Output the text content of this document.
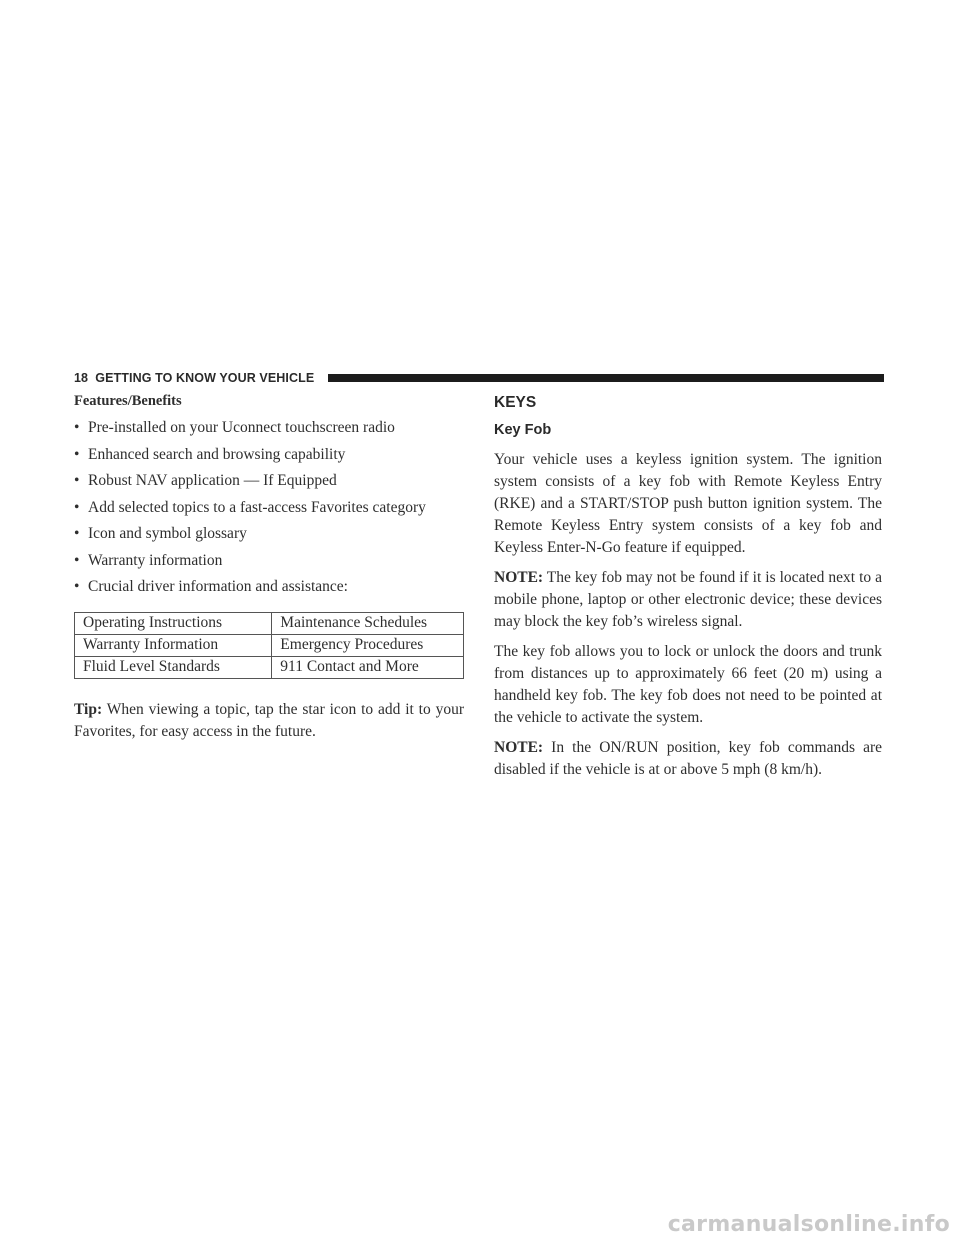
18 GETTING TO KNOW YOUR VEHICLE
Features/Benefits
• Pre-installed on your Uconnect touchscreen radio
• Enhanced search and browsing capability
• Robust NAV application — If Equipped
• Add selected topics to a fast-access Favorites category
• Icon and symbol glossary
• Warranty information
• Crucial driver information and assistance:
Operating Instructions	Maintenance Schedules
Warranty Information	Emergency Procedures
Fluid Level Standards	911 Contact and More

Tip: When viewing a topic, tap the star icon to add it to your Favorites, for easy access in the future.

KEYS
Key Fob

Your vehicle uses a keyless ignition system. The ignition system consists of a key fob with Remote Keyless Entry (RKE) and a START/STOP push button ignition system. The Remote Keyless Entry system consists of a key fob and Keyless Enter-N-Go feature if equipped.

NOTE: The key fob may not be found if it is located next to a mobile phone, laptop or other electronic device; these devices may block the key fob’s wireless signal.

The key fob allows you to lock or unlock the doors and trunk from distances up to approximately 66 feet (20 m) using a handheld key fob. The key fob does not need to be pointed at the vehicle to activate the system.

NOTE: In the ON/RUN position, key fob commands are disabled if the vehicle is at or above 5 mph (8 km/h).

carmanualsonline.info
